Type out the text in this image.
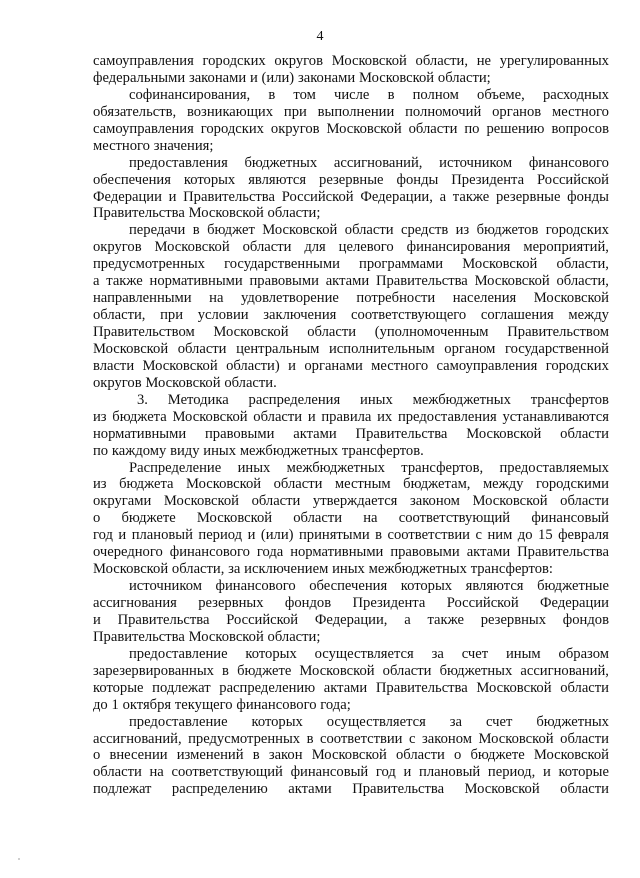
4
самоуправления городских округов Московской области, не урегулированных
федеральными законами и (или) законами Московской области;
софинансирования, в том числе в полном объеме, расходных
обязательств, возникающих при выполнении полномочий органов местного
самоуправления городских округов Московской области по решению вопросов
местного значения;
предоставления бюджетных ассигнований, источником финансового
обеспечения которых являются резервные фонды Президента Российской
Федерации и Правительства Российской Федерации, а также резервные фонды
Правительства Московской области;
передачи в бюджет Московской области средств из бюджетов городских
округов Московской области для целевого финансирования мероприятий,
предусмотренных государственными программами Московской области,
а также нормативными правовыми актами Правительства Московской области,
направленными на удовлетворение потребности населения Московской
области, при условии заключения соответствующего соглашения между
Правительством Московской области (уполномоченным Правительством
Московской области центральным исполнительным органом государственной
власти Московской области) и органами местного самоуправления городских
округов Московской области.
3. Методика распределения иных межбюджетных трансфертов
из бюджета Московской области и правила их предоставления устанавливаются
нормативными правовыми актами Правительства Московской области
по каждому виду иных межбюджетных трансфертов.
Распределение иных межбюджетных трансфертов, предоставляемых
из бюджета Московской области местным бюджетам, между городскими
округами Московской области утверждается законом Московской области
о бюджете Московской области на соответствующий финансовый
год и плановый период и (или) принятыми в соответствии с ним до 15 февраля
очередного финансового года нормативными правовыми актами Правительства
Московской области, за исключением иных межбюджетных трансфертов:
источником финансового обеспечения которых являются бюджетные
ассигнования резервных фондов Президента Российской Федерации
и Правительства Российской Федерации, а также резервных фондов
Правительства Московской области;
предоставление которых осуществляется за счет иным образом
зарезервированных в бюджете Московской области бюджетных ассигнований,
которые подлежат распределению актами Правительства Московской области
до 1 октября текущего финансового года;
предоставление которых осуществляется за счет бюджетных
ассигнований, предусмотренных в соответствии с законом Московской области
о внесении изменений в закон Московской области о бюджете Московской
области на соответствующий финансовый год и плановый период, и которые
подлежат распределению актами Правительства Московской области
